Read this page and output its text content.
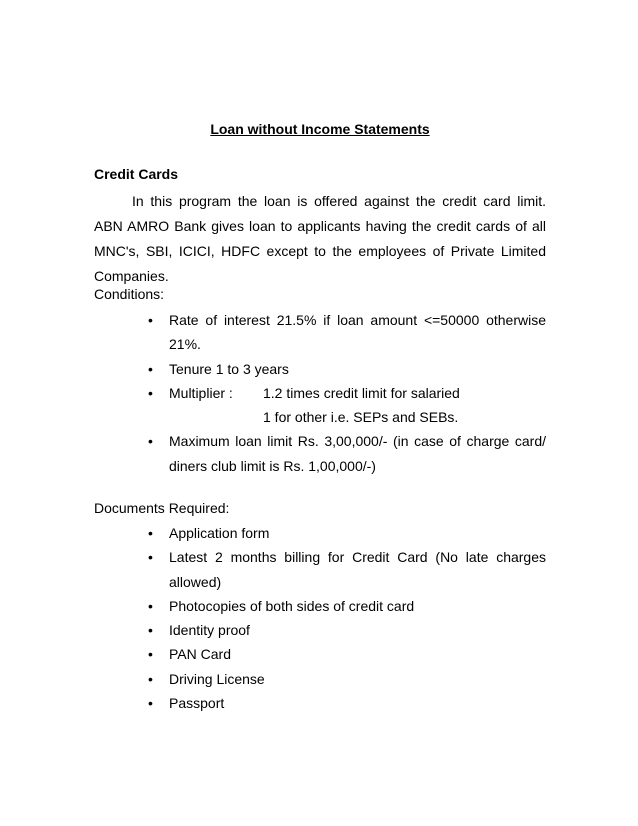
Loan without Income Statements
Credit Cards

In this program the loan is offered against the credit card limit. ABN AMRO Bank gives loan to applicants having the credit cards of all MNC's, SBI, ICICI, HDFC except to the employees of Private Limited Companies.

Conditions:
• Rate of interest 21.5% if loan amount <=50000 otherwise 21%.
• Tenure 1 to 3 years
• Multiplier : 1.2 times credit limit for salaried
1 for other i.e. SEPs and SEBs.
• Maximum loan limit Rs. 3,00,000/- (in case of charge card/ diners club limit is Rs. 1,00,000/-)
Documents Required:
• Application form
• Latest 2 months billing for Credit Card (No late charges allowed)
• Photocopies of both sides of credit card
• Identity proof
• PAN Card
• Driving License
• Passport
